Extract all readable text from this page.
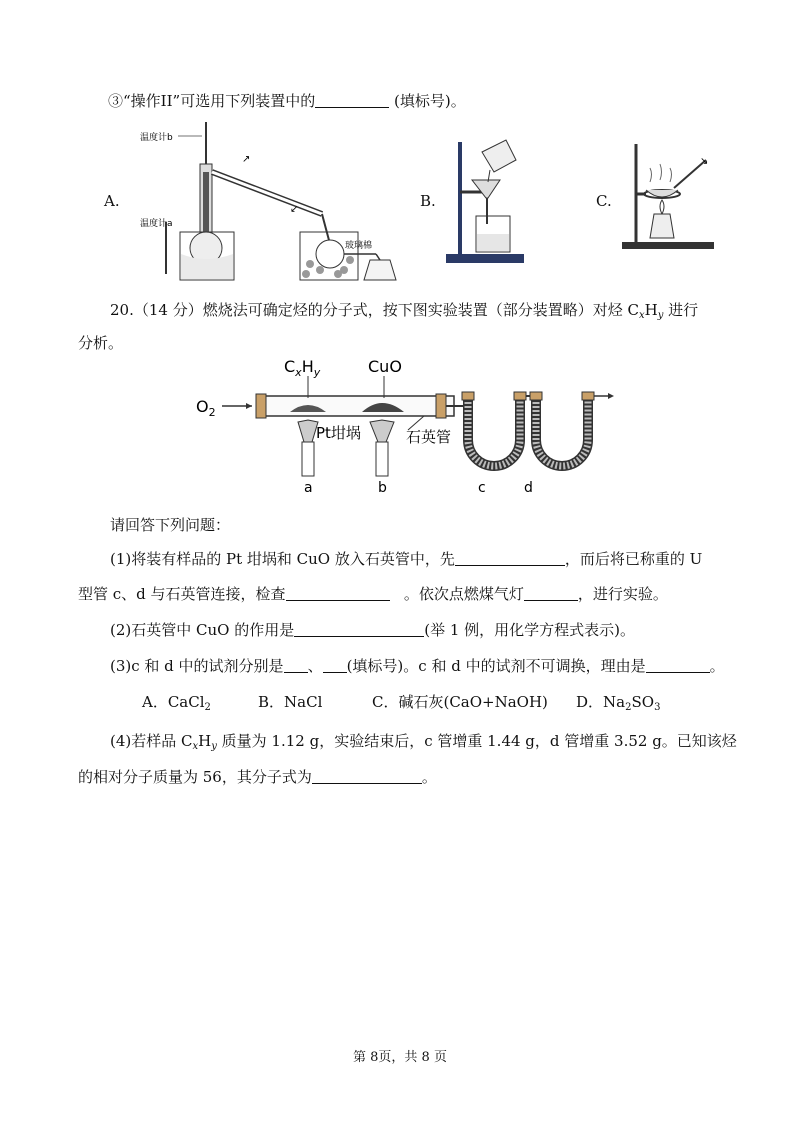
③“操作II”可选用下列装置中的	(填标号)。
A.
温度计b
↗
↙
温度计a
玻璃棉
B.	C.
↘
20.（14 分）燃烧法可确定烃的分子式，按下图实验装置（部分装置略）对烃 $C_xH_y$ 进行
分析。
$O_2$
$C_xH_y$	CuO
Pt坩埚	石英管
a	b	c	d
请回答下列问题：
(1)将装有样品的 Pt 坩埚和 CuO 放入石英管中，先	，而后将已称重的 U
型管 c、d 与石英管连接，检查	。依次点燃煤气灯	，进行实验。
(2)石英管中 CuO 的作用是	(举 1 例，用化学方程式表示)。
(3)c 和 d 中的试剂分别是 、 (填标号)。c 和 d 中的试剂不可调换，理由是	。
A．CaCl$_2$	B．NaCl	C．碱石灰(CaO+NaOH) D．$Na_2SO_3$
(4)若样品 $C_xH_y$ 质量为 1.12 g，实验结束后，c 管增重 1.44 g，d 管增重 3.52 g。已知该烃
的相对分子质量为 56，其分子式为	。
第 8页，共 8 页
